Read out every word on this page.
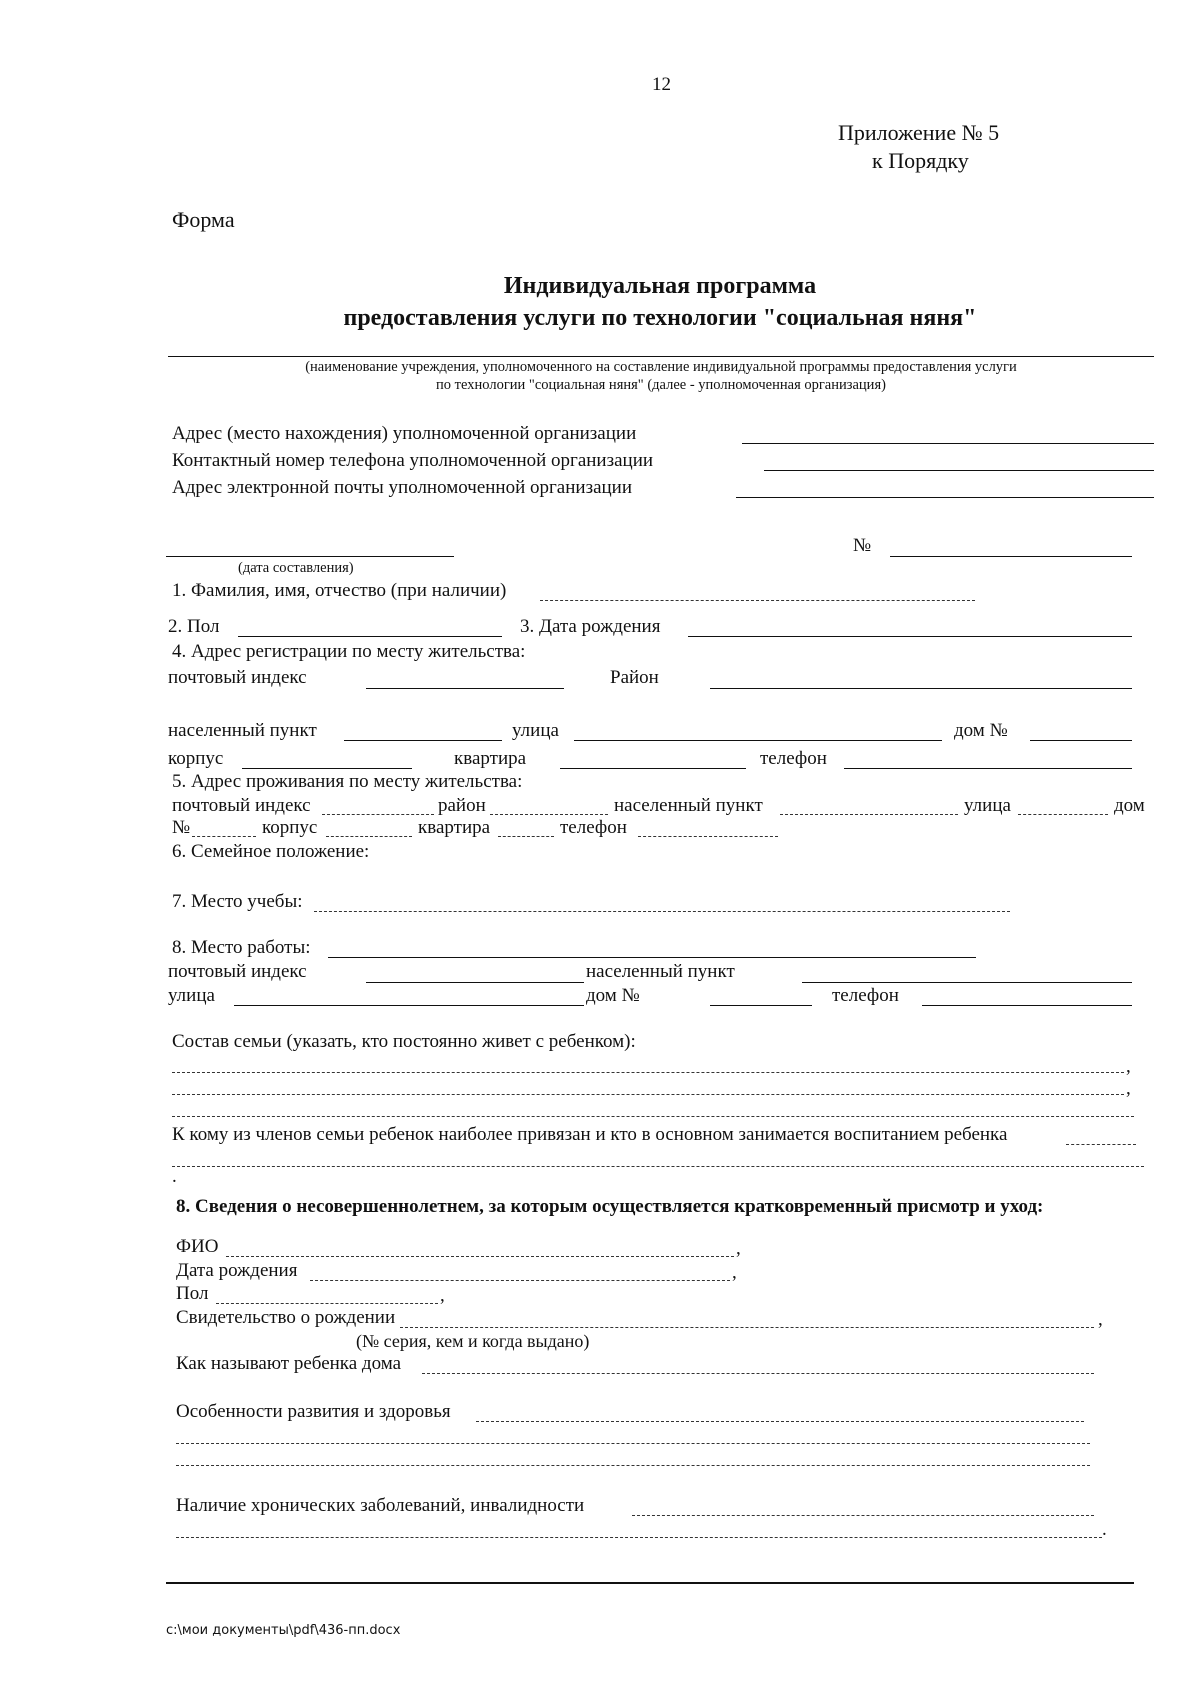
12
Приложение № 5
к Порядку
Форма
Индивидуальная программа
предоставления услуги по технологии "социальная няня"
(наименование учреждения, уполномоченного на составление индивидуальной программы предоставления услуги
по технологии "социальная няня" (далее - уполномоченная организация)
Адрес (место нахождения) уполномоченной организации
Контактный номер телефона уполномоченной организации
Адрес электронной почты уполномоченной организации
(дата составления)
№
1. Фамилия, имя, отчество (при наличии)
2. Пол	3. Дата рождения
4. Адрес регистрации по месту жительства:
почтовый индекс	Район
населенный пункт	улица	дом №
корпус	квартира	телефон
5. Адрес проживания по месту жительства:
почтовый индекс	район	населенный пункт	улица	дом
№	корпус	квартира	телефон
6. Семейное положение:
7. Место учебы:
8. Место работы:
почтовый индекс	населенный пункт
улица	дом №	телефон
Состав семьи (указать, кто постоянно живет с ребенком):
,
,
К кому из членов семьи ребенок наиболее привязан и кто в основном занимается воспитанием ребенка
.
8. Сведения о несовершеннолетнем, за которым осуществляется кратковременный присмотр и уход:
ФИО	,
Дата рождения	,
Пол	,
Свидетельство о рождении	,
(№ серия, кем и когда выдано)
Как называют ребенка дома
Особенности развития и здоровья
Наличие хронических заболеваний, инвалидности
.
c:\мои документы\pdf\436-пп.docx
